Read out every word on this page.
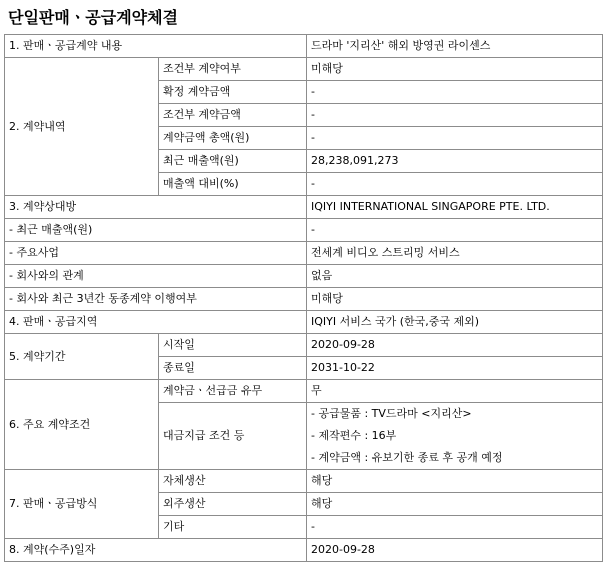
단일판매ㆍ공급계약체결
1. 판매ㆍ공급계약 내용		드라마 '지리산' 해외 방영권 라이센스
2. 계약내역	조건부 계약여부	미해당
	확정 계약금액	-
	조건부 계약금액	-
	계약금액 총액(원)	-
	최근 매출액(원)	28,238,091,273
	매출액 대비(%)	-
3. 계약상대방		IQIYI INTERNATIONAL SINGAPORE PTE. LTD.
- 최근 매출액(원)		-
- 주요사업		전세계 비디오 스트리밍 서비스
- 회사와의 관계		없음
- 회사와 최근 3년간 동종계약 이행여부		미해당
4. 판매ㆍ공급지역		IQIYI 서비스 국가 (한국,중국 제외)
5. 계약기간	시작일	2020-09-28
	종료일	2031-10-22
6. 주요 계약조건	계약금ㆍ선급금 유무	무
	대금지급 조건 등	- 공급물품 : TV드라마 <지리산>
- 제작편수 : 16부
- 계약금액 : 유보기한 종료 후 공개 예정

7. 판매ㆍ공급방식	자체생산	해당
	외주생산	해당
	기타	-
8. 계약(수주)일자		2020-09-28
